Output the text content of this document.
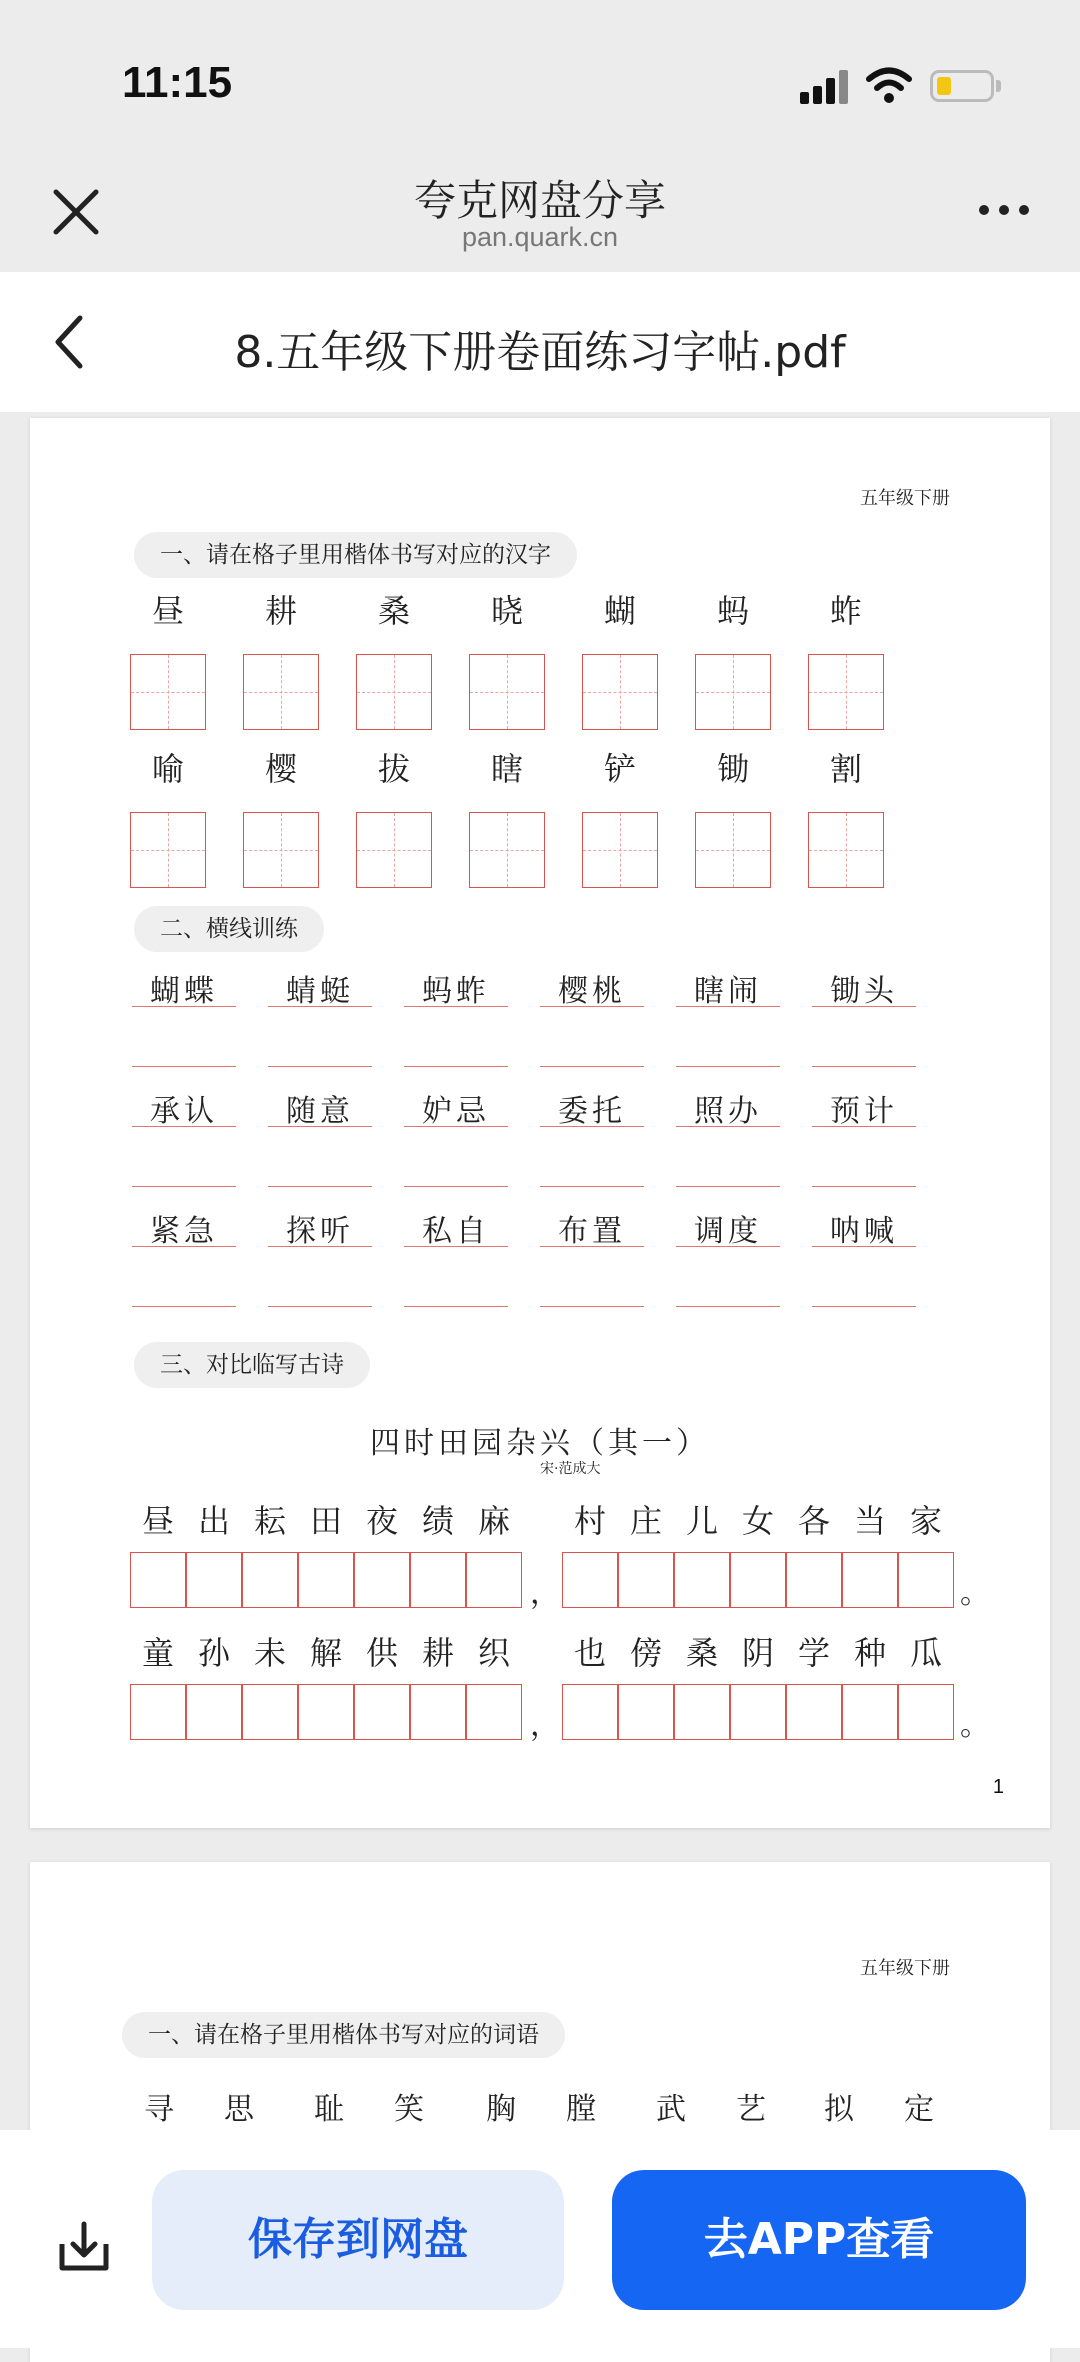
11:15
夸克网盘分享
pan.quark.cn
8.五年级下册卷面练习字帖.pdf
五年级下册
一、请在格子里用楷体书写对应的汉字
二、横线训练
三、对比临写古诗
四时田园杂兴（其一）
宋·范成大
1
昼	耕	桑	晓	蝴	蚂	蚱
喻	樱	拔	瞎	铲	锄	割
蝴蝶	蜻蜓	蚂蚱	樱桃	瞎闹	锄头
承认	随意	妒忌	委托	照办	预计
紧急	探听	私自	布置	调度	呐喊
昼 出 耘 田 夜 绩 麻
，
村 庄 儿 女 各 当 家
。
童 孙 未 解 供 耕 织
，
也 傍 桑 阴 学 种 瓜
。
五年级下册
一、请在格子里用楷体书写对应的词语
寻	思	耻	笑	胸	膛	武	艺	拟	定
保存到网盘	去APP查看
